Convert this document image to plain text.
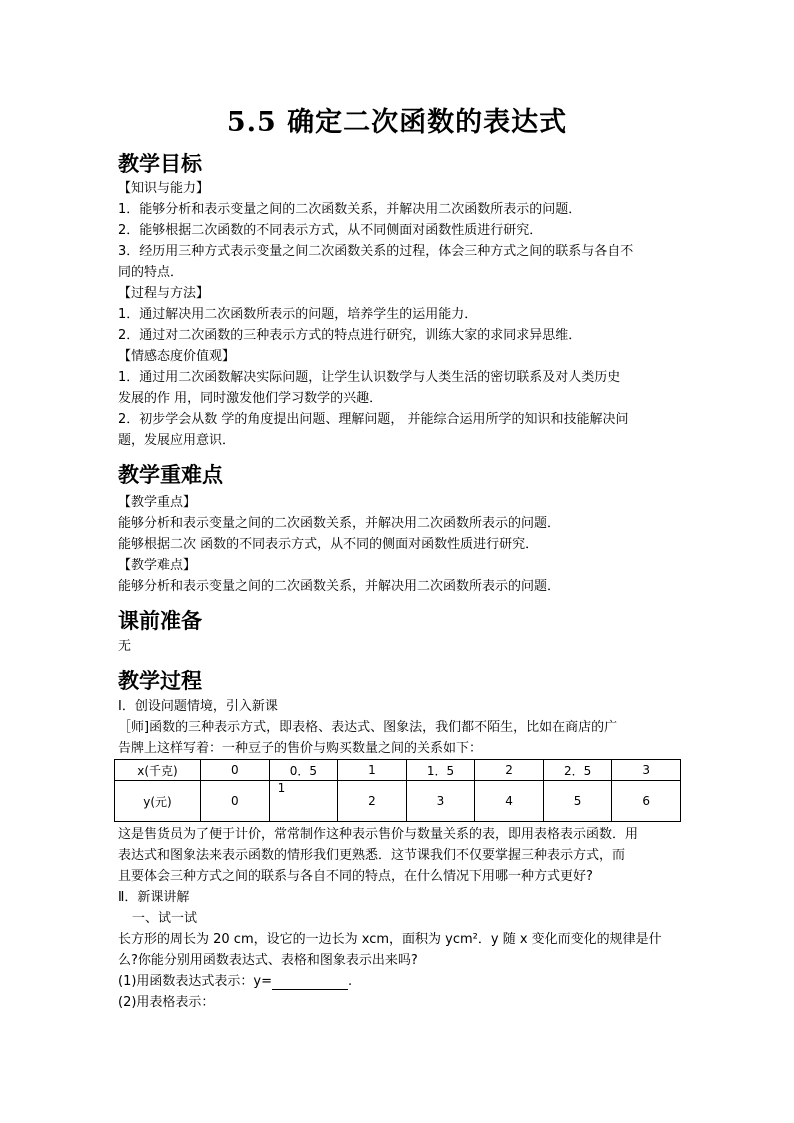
5.5 确定二次函数的表达式
教学目标
【知识与能力】
1．能够分析和表示变量之间的二次函数关系，并解决用二次函数所表示的问题．
2．能够根据二次函数的不同表示方式，从不同侧面对函数性质进行研究．
3．经历用三种方式表示变量之间二次函数关系的过程，体会三种方式之间的联系与各自不
同的特点．
【过程与方法】
1．通过解决用二次函数所表示的问题，培养学生的运用能力．
2．通过对二次函数的三种表示方式的特点进行研究，训练大家的求同求异思维．
【情感态度价值观】
1．通过用二次函数解决实际问题，让学生认识数学与人类生活的密切联系及对人类历史
发展的作 用，同时激发他们学习数学的兴趣．
2．初步学会从数 学的角度提出问题、理解问题， 并能综合运用所学的知识和技能解决问
题，发展应用意识．
教学重难点
【教学重点】
能够分析和表示变量之间的二次函数关系，并解决用二次函数所表示的问题．
能够根据二次 函数的不同表示方式，从不同的侧面对函数性质进行研究．
【教学难点】
能够分析和表示变量之间的二次函数关系，并解决用二次函数所表示的问题．
课前准备
无
教学过程
Ⅰ．创设问题情境，引入新课
［师]函数的三种表示方式，即表格、表达式、图象法，我们都不陌生，比如在商店的广
告牌上这样写着：一种豆子的售价与购买数量之间的关系如下：
x(千克)	0	0．5	1	1．5	2	2．5	3
y(元)	0	1	2	3	4	5	6
这是售货员为了便于计价，常常制作这种表示售价与数量关系的表，即用表格表示函数．用
表达式和图象法来表示函数的情形我们更熟悉．这节课我们不仅要掌握三种表示方式，而
且要体会三种方式之间的联系与各自不同的特点，在什么情况下用哪一种方式更好?
Ⅱ．新课讲解
一、试一试
长方形的周长为 20 cm，设它的一边长为 xcm，面积为 ycm²．y 随 x 变化而变化的规律是什
么?你能分别用函数表达式、表格和图象表示出来吗?
(1)用函数表达式表示：y=	.
(2)用表格表示：
